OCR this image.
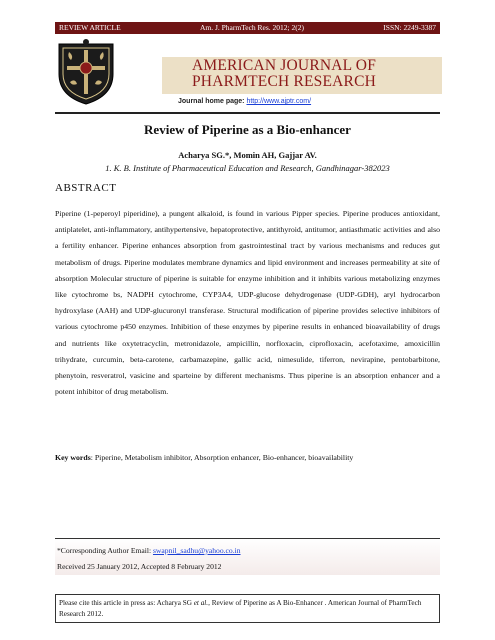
REVIEW ARTICLE	Am. J. PharmTech Res. 2012; 2(2)	ISSN: 2249-3387
AMERICAN JOURNAL OF
PHARMTECH RESEARCH
Journal home page: http://www.ajptr.com/
Review of Piperine as a Bio-enhancer
Acharya SG.*, Momin AH, Gajjar AV.
1. K. B. Institute of Pharmaceutical Education and Research, Gandhinagar-382023
ABSTRACT
Piperine (1-peperoyl piperidine), a pungent alkaloid, is found in various Pipper species. Piperine produces antioxidant, antiplatelet, anti-inflammatory, antihypertensive, hepatoprotective, antithyroid, antitumor, antiasthmatic activities and also a fertility enhancer. Piperine enhances absorption from gastrointestinal tract by various mechanisms and reduces gut metabolism of drugs. Piperine modulates membrane dynamics and lipid environment and increases permeability at site of absorption Molecular structure of piperine is suitable for enzyme inhibition and it inhibits various metabolizing enzymes like cytochrome bs, NADPH cytochrome, CYP3A4, UDP-glucose dehydrogenase (UDP-GDH), aryl hydrocarbon hydroxylase (AAH) and UDP-glucuronyl transferase. Structural modification of piperine provides selective inhibitors of various cytochrome p450 enzymes. Inhibition of these enzymes by piperine results in enhanced bioavailability of drugs and nutrients like oxytetracyclin, metronidazole, ampicillin, norfloxacin, ciprofloxacin, acefotaxime, amoxicillin trihydrate, curcumin, beta-carotene, carbamazepine, gallic acid, nimesulide, tiferron, nevirapine, pentobarbitone, phenytoin, resveratrol, vasicine and sparteine by different mechanisms. Thus piperine is an absorption enhancer and a potent inhibitor of drug metabolism.
Key words: Piperine, Metabolism inhibitor, Absorption enhancer, Bio-enhancer, bioavailability
*Corresponding Author Email: swapnil_sadhu@yahoo.co.in
Received 25 January 2012, Accepted 8 February 2012
Please cite this article in press as: Acharya SG et al., Review of Piperine as A Bio-Enhancer . American Journal of PharmTech Research 2012.
